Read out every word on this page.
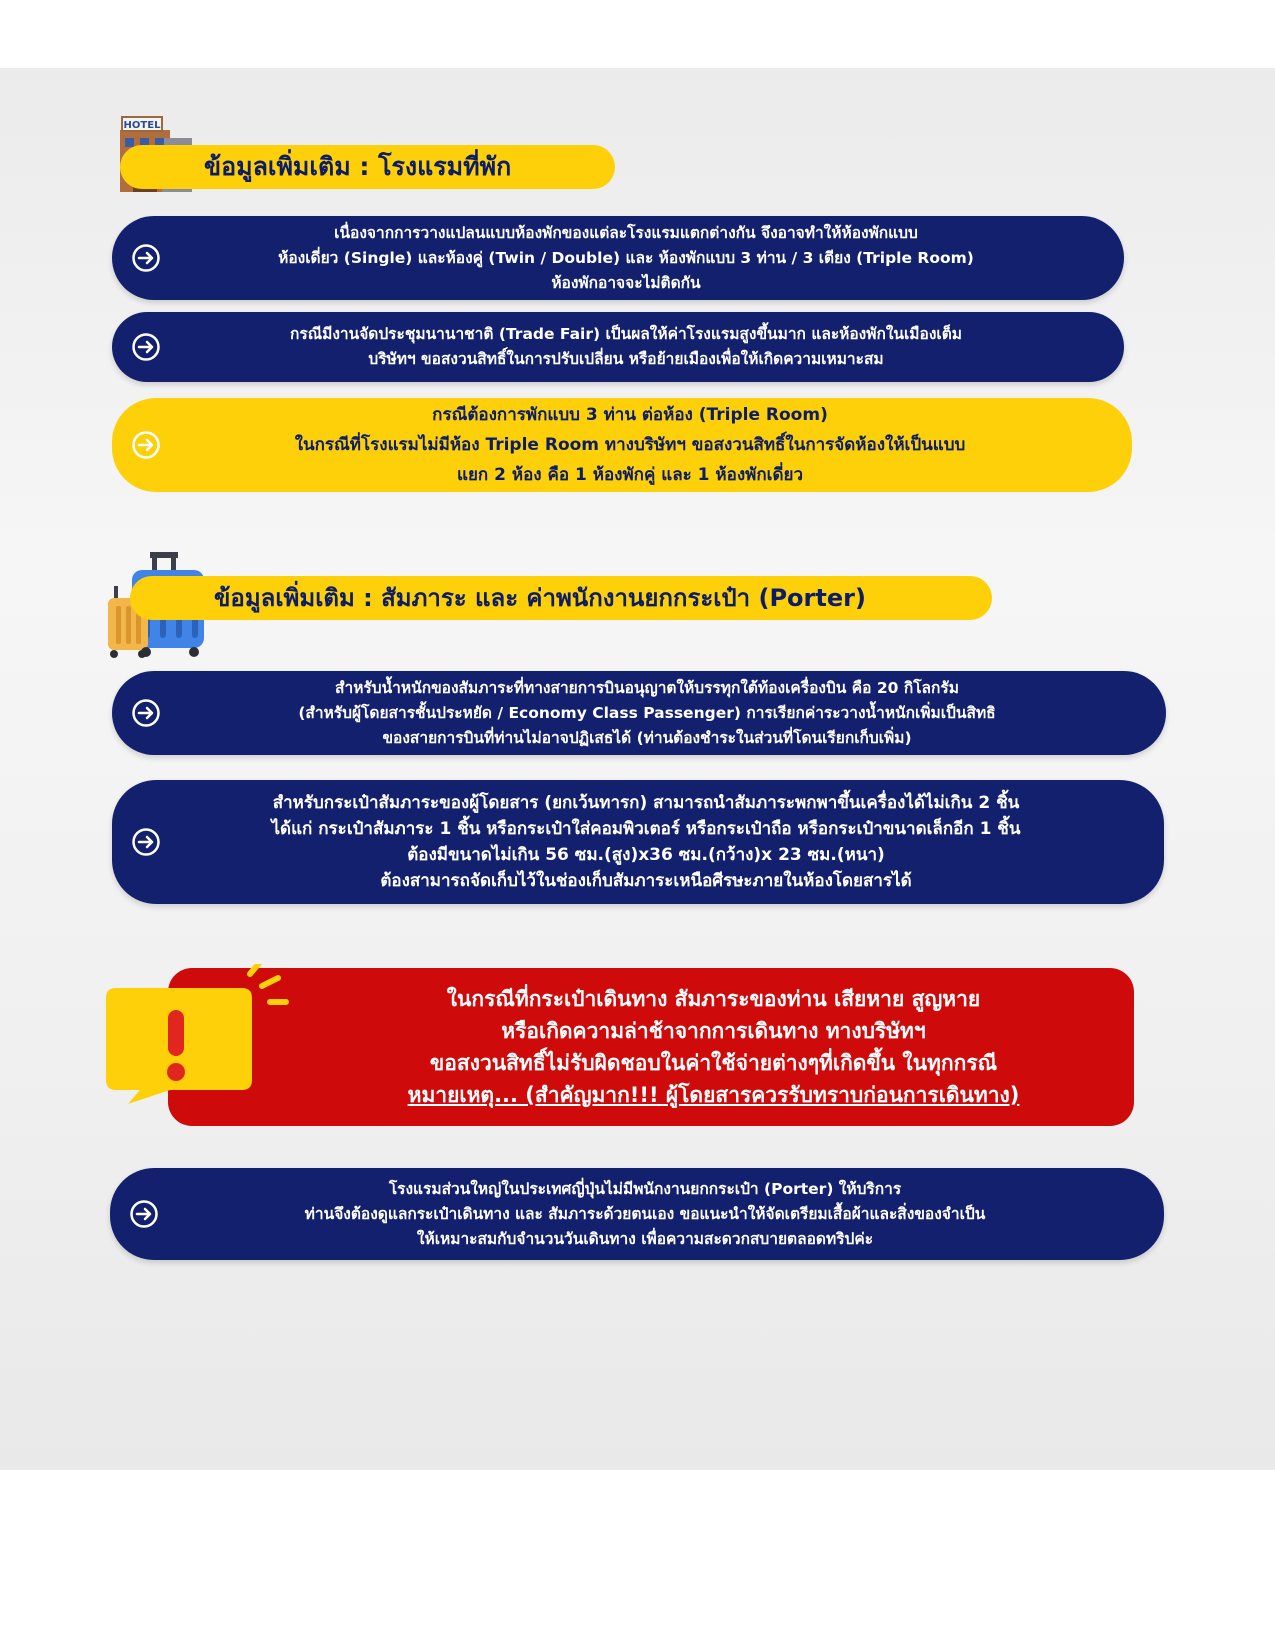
HOTEL
ข้อมูลเพิ่มเติม : โรงแรมที่พัก
เนื่องจากการวางแปลนแบบห้องพักของแต่ละโรงแรมแตกต่างกัน จึงอาจทำให้ห้องพักแบบ
ห้องเดี่ยว (Single) และห้องคู่ (Twin / Double) และ ห้องพักแบบ 3 ท่าน / 3 เตียง (Triple Room)
ห้องพักอาจจะไม่ติดกัน
กรณีมีงานจัดประชุมนานาชาติ (Trade Fair) เป็นผลให้ค่าโรงแรมสูงขึ้นมาก และห้องพักในเมืองเต็ม
บริษัทฯ ขอสงวนสิทธิ์ในการปรับเปลี่ยน หรือย้ายเมืองเพื่อให้เกิดความเหมาะสม
กรณีต้องการพักแบบ 3 ท่าน ต่อห้อง (Triple Room)
ในกรณีที่โรงแรมไม่มีห้อง Triple Room ทางบริษัทฯ ขอสงวนสิทธิ์ในการจัดห้องให้เป็นแบบ
แยก 2 ห้อง คือ 1 ห้องพักคู่ และ 1 ห้องพักเดี่ยว
ข้อมูลเพิ่มเติม : สัมภาระ และ ค่าพนักงานยกกระเป๋า (Porter)
สำหรับน้ำหนักของสัมภาระที่ทางสายการบินอนุญาตให้บรรทุกใต้ท้องเครื่องบิน คือ 20 กิโลกรัม
(สำหรับผู้โดยสารชั้นประหยัด / Economy Class Passenger) การเรียกค่าระวางน้ำหนักเพิ่มเป็นสิทธิ
ของสายการบินที่ท่านไม่อาจปฏิเสธได้ (ท่านต้องชำระในส่วนที่โดนเรียกเก็บเพิ่ม)
สำหรับกระเป๋าสัมภาระของผู้โดยสาร (ยกเว้นทารก) สามารถนำสัมภาระพกพาขึ้นเครื่องได้ไม่เกิน 2 ชิ้น
ได้แก่ กระเป๋าสัมภาระ 1 ชิ้น หรือกระเป๋าใส่คอมพิวเตอร์ หรือกระเป๋าถือ หรือกระเป๋าขนาดเล็กอีก 1 ชิ้น
ต้องมีขนาดไม่เกิน 56 ซม.(สูง)x36 ซม.(กว้าง)x 23 ซม.(หนา)
ต้องสามารถจัดเก็บไว้ในช่องเก็บสัมภาระเหนือศีรษะภายในห้องโดยสารได้
ในกรณีที่กระเป๋าเดินทาง สัมภาระของท่าน เสียหาย สูญหาย
หรือเกิดความล่าช้าจากการเดินทาง ทางบริษัทฯ
ขอสงวนสิทธิ์ไม่รับผิดชอบในค่าใช้จ่ายต่างๆที่เกิดขึ้น ในทุกกรณี
หมายเหตุ... (สำคัญมาก!!! ผู้โดยสารควรรับทราบก่อนการเดินทาง)
โรงแรมส่วนใหญ่ในประเทศญี่ปุ่นไม่มีพนักงานยกกระเป๋า (Porter) ให้บริการ
ท่านจึงต้องดูแลกระเป๋าเดินทาง และ สัมภาระด้วยตนเอง ขอแนะนำให้จัดเตรียมเสื้อผ้าและสิ่งของจำเป็น
ให้เหมาะสมกับจำนวนวันเดินทาง เพื่อความสะดวกสบายตลอดทริปค่ะ
